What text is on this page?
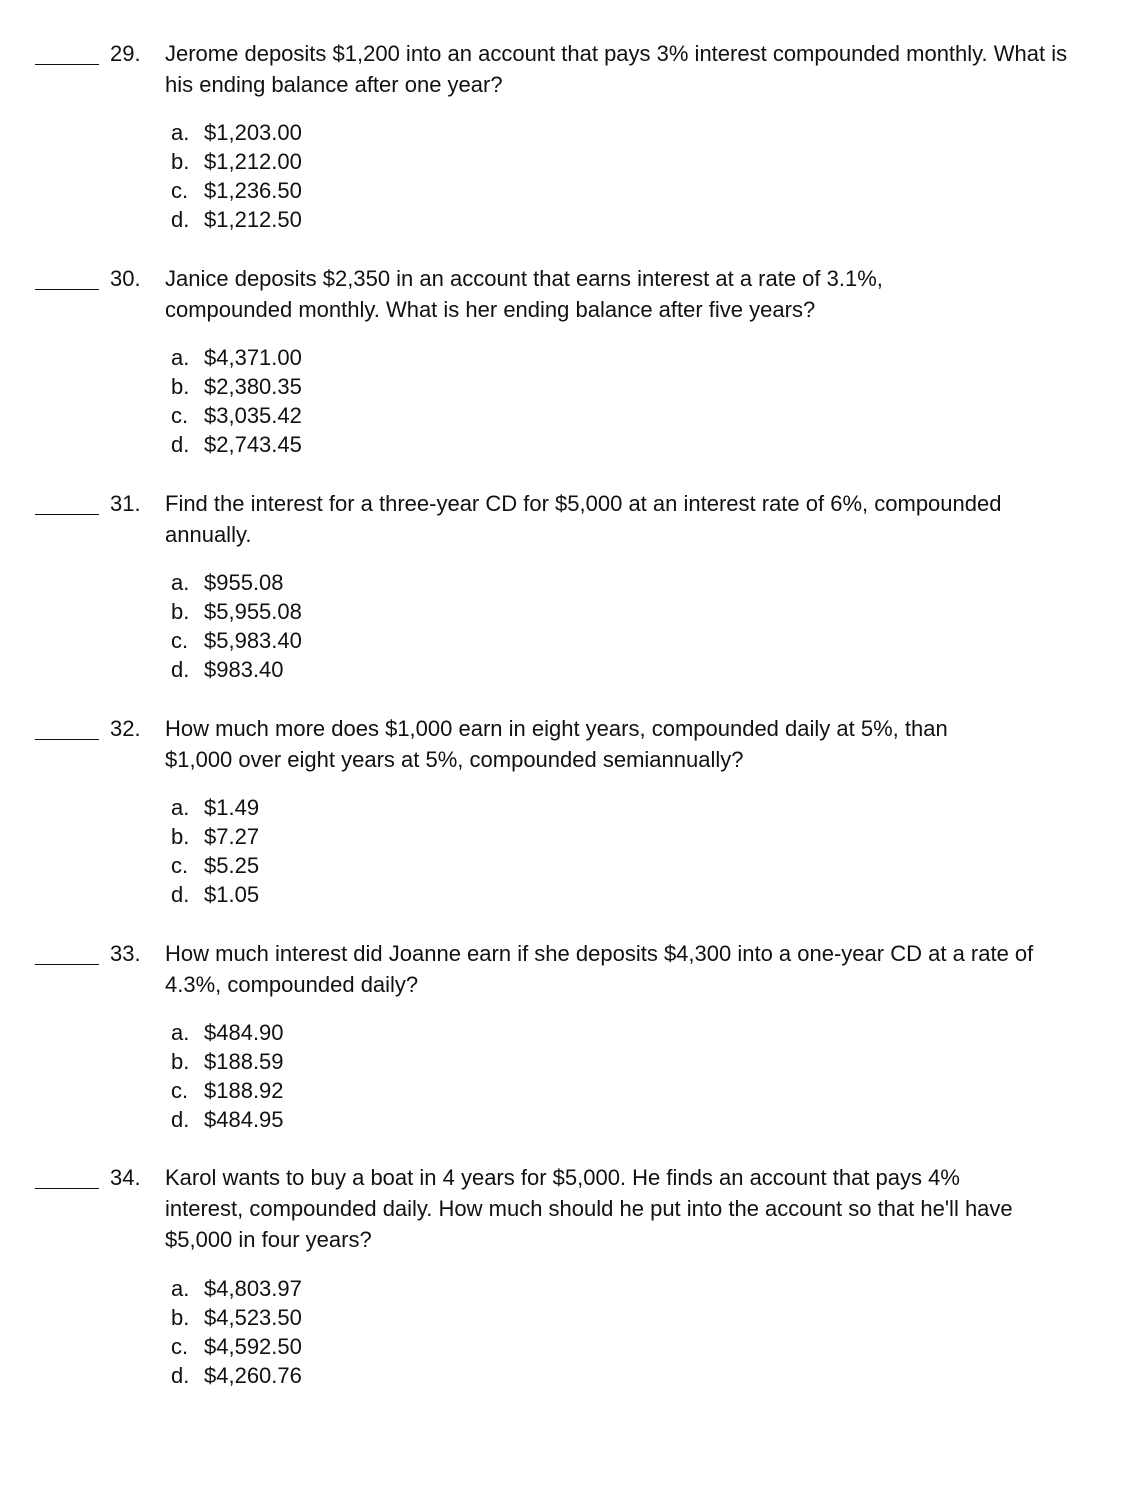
29. Jerome deposits $1,200 into an account that pays 3% interest compounded monthly. What is his ending balance after one year?
a. $1,203.00
b. $1,212.00
c. $1,236.50
d. $1,212.50
30. Janice deposits $2,350 in an account that earns interest at a rate of 3.1%, compounded monthly. What is her ending balance after five years?
a. $4,371.00
b. $2,380.35
c. $3,035.42
d. $2,743.45
31. Find the interest for a three-year CD for $5,000 at an interest rate of 6%, compounded annually.
a. $955.08
b. $5,955.08
c. $5,983.40
d. $983.40
32. How much more does $1,000 earn in eight years, compounded daily at 5%, than $1,000 over eight years at 5%, compounded semiannually?
a. $1.49
b. $7.27
c. $5.25
d. $1.05
33. How much interest did Joanne earn if she deposits $4,300 into a one-year CD at a rate of 4.3%, compounded daily?
a. $484.90
b. $188.59
c. $188.92
d. $484.95
34. Karol wants to buy a boat in 4 years for $5,000. He finds an account that pays 4% interest, compounded daily. How much should he put into the account so that he'll have $5,000 in four years?
a. $4,803.97
b. $4,523.50
c. $4,592.50
d. $4,260.76
